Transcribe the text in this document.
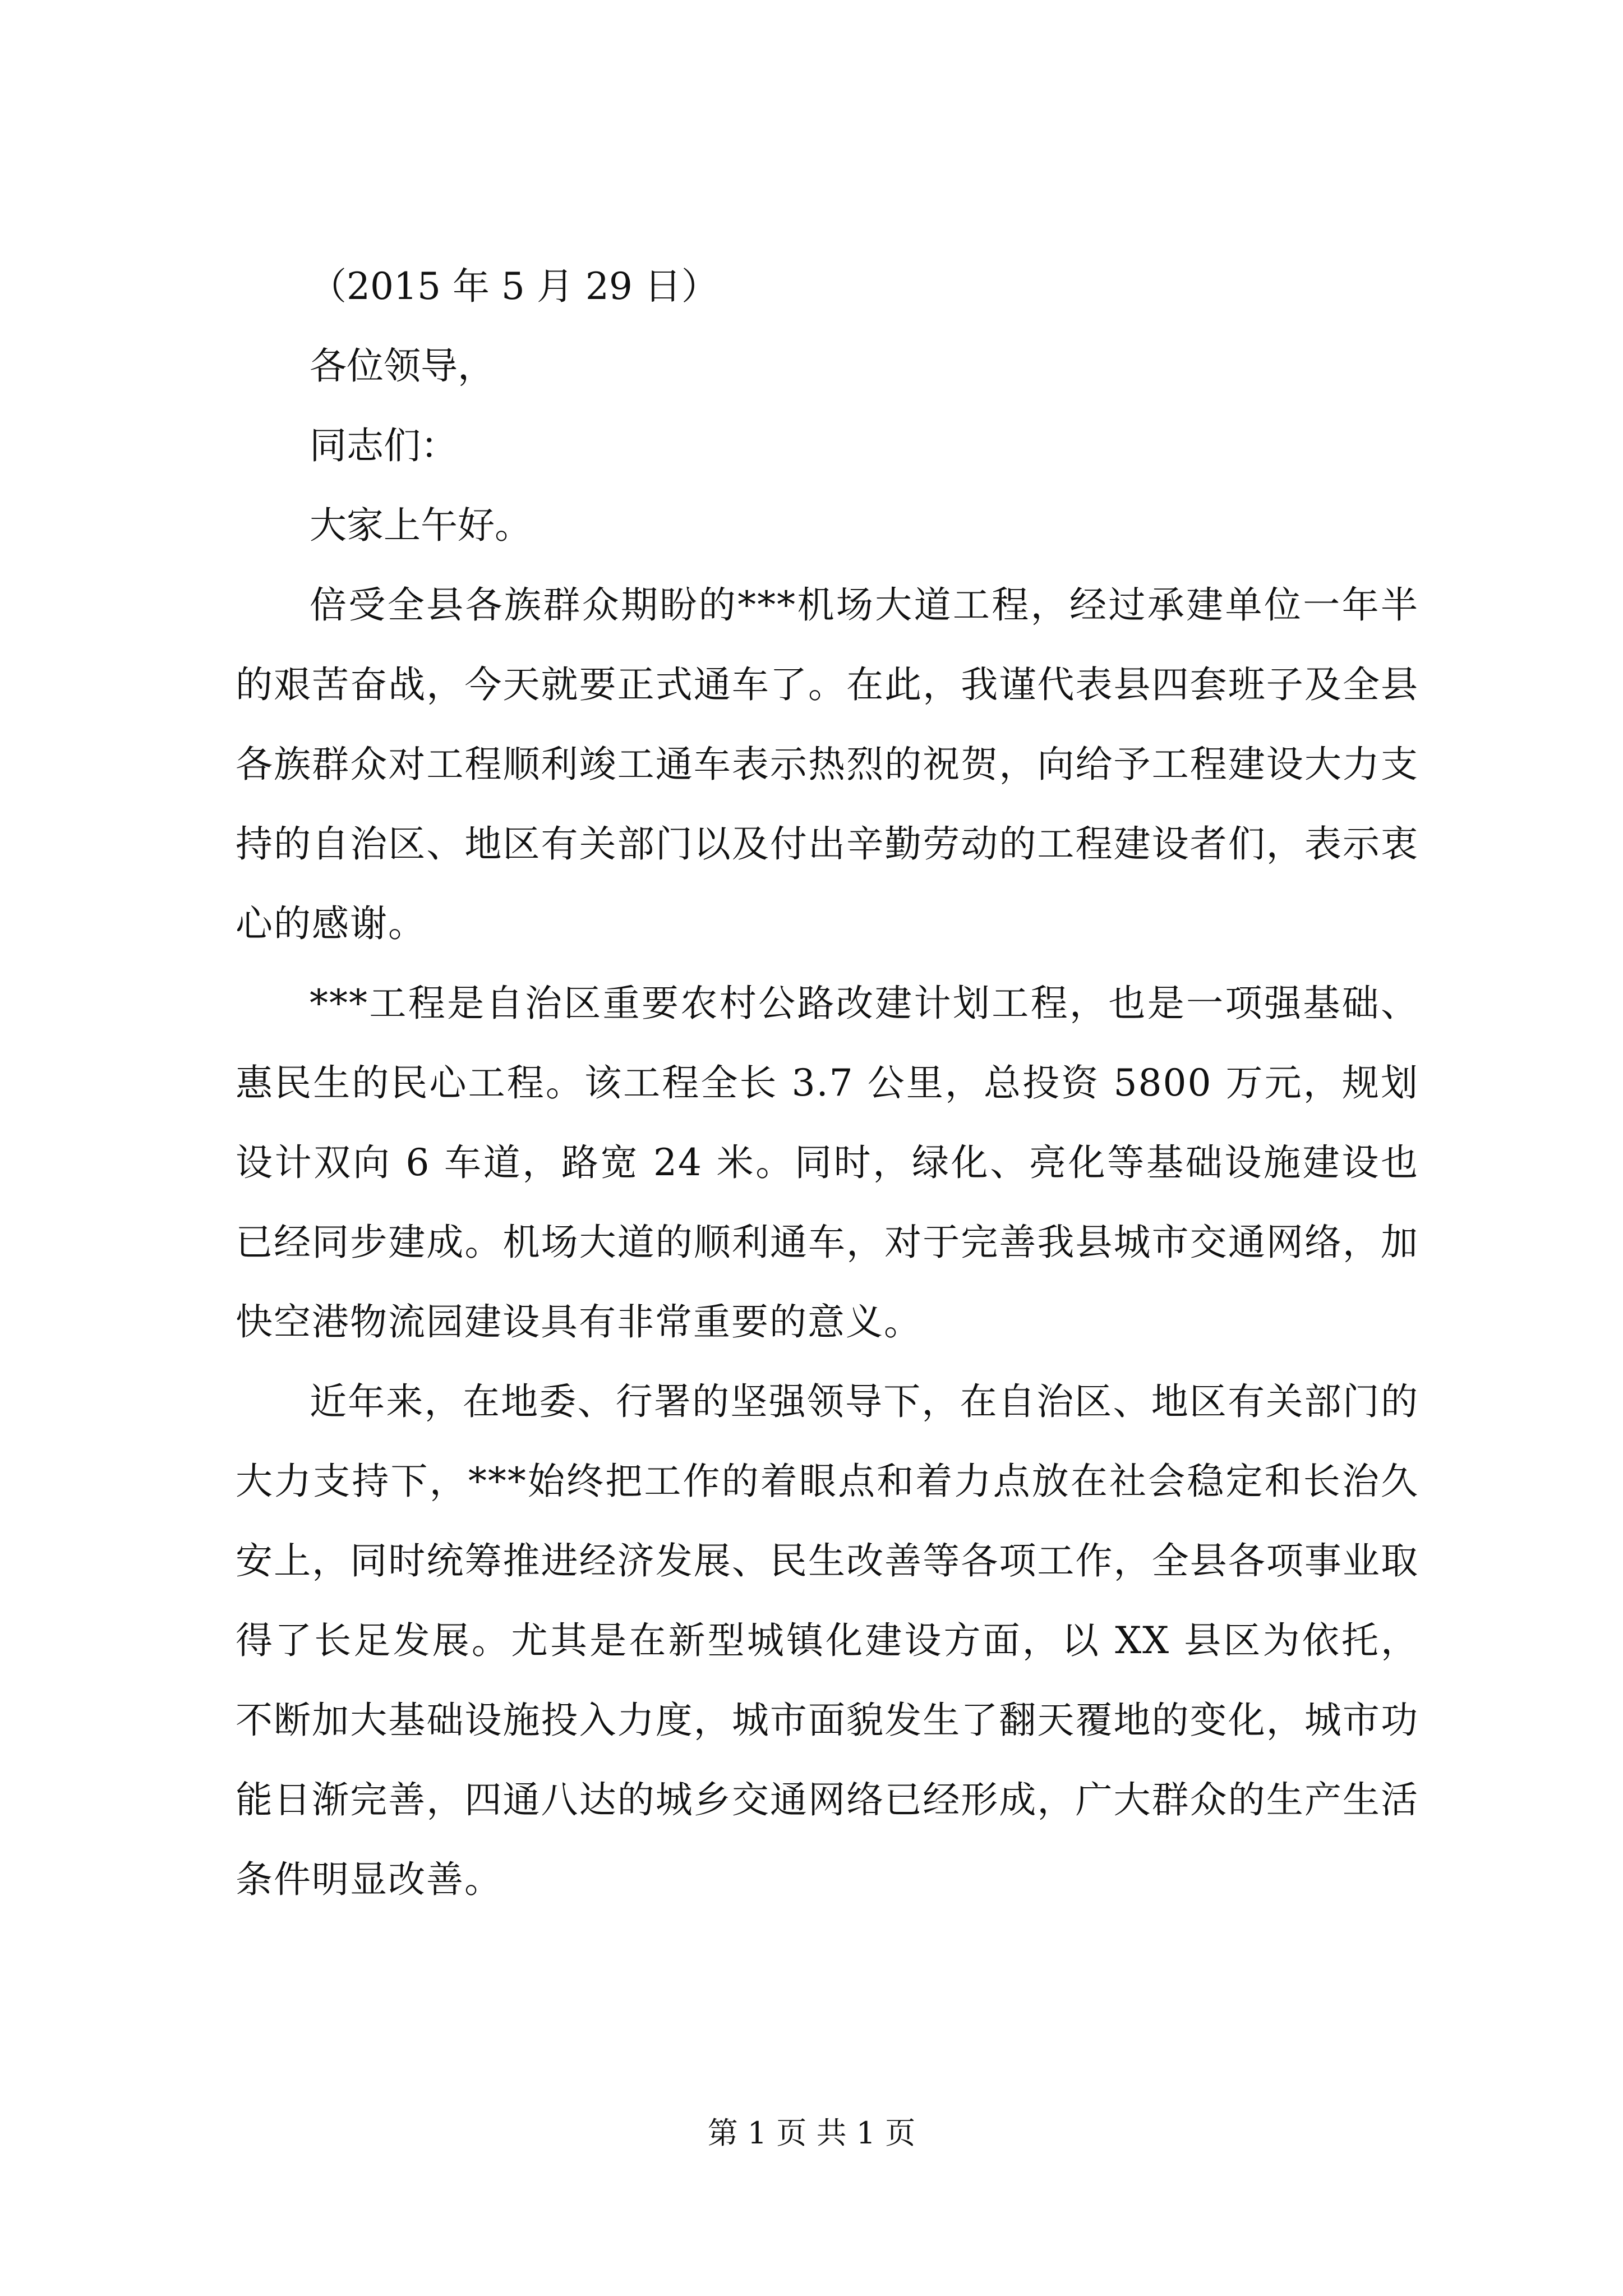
（2015 年 5 月 29 日）
各位领导，
同志们：
大家上午好。

倍受全县各族群众期盼的***机场大道工程，经过承建单位一年半的艰苦奋战，今天就要正式通车了。在此，我谨代表县四套班子及全县各族群众对工程顺利竣工通车表示热烈的祝贺，向给予工程建设大力支持的自治区、地区有关部门以及付出辛勤劳动的工程建设者们，表示衷心的感谢。

***工程是自治区重要农村公路改建计划工程，也是一项强基础、惠民生的民心工程。该工程全长 3.7 公里，总投资 5800 万元，规划设计双向 6 车道，路宽 24 米。同时，绿化、亮化等基础设施建设也已经同步建成。机场大道的顺利通车，对于完善我县城市交通网络，加快空港物流园建设具有非常重要的意义。

近年来，在地委、行署的坚强领导下，在自治区、地区有关部门的大力支持下，***始终把工作的着眼点和着力点放在社会稳定和长治久安上，同时统筹推进经济发展、民生改善等各项工作，全县各项事业取得了长足发展。尤其是在新型城镇化建设方面，以 XX 县区为依托，不断加大基础设施投入力度，城市面貌发生了翻天覆地的变化，城市功能日渐完善，四通八达的城乡交通网络已经形成，广大群众的生产生活条件明显改善。

第 1 页 共 1 页
